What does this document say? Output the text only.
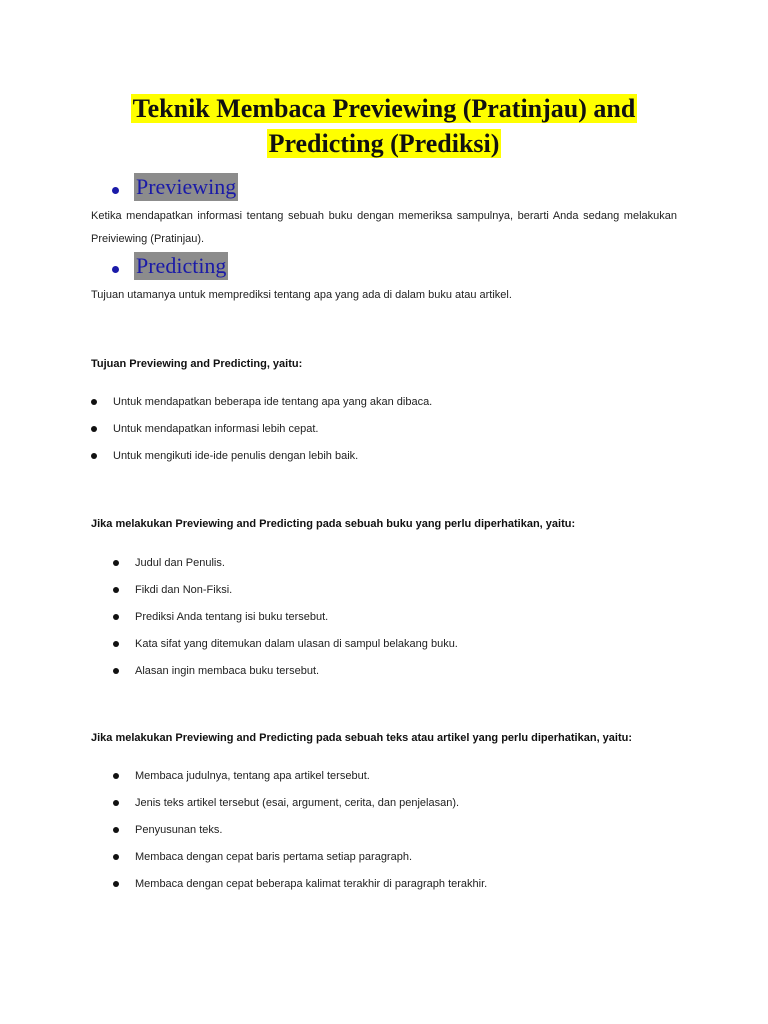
Teknik Membaca Previewing (Pratinjau) and
Predicting (Prediksi)
Previewing
Ketika mendapatkan informasi tentang sebuah buku dengan memeriksa sampulnya, berarti Anda sedang melakukan Preiviewing (Pratinjau).
Predicting
Tujuan utamanya untuk memprediksi tentang apa yang ada di dalam buku atau artikel.
Tujuan Previewing and Predicting, yaitu:
Untuk mendapatkan beberapa ide tentang apa yang akan dibaca.
Untuk mendapatkan informasi lebih cepat.
Untuk mengikuti ide-ide penulis dengan lebih baik.
Jika melakukan Previewing and Predicting pada sebuah buku yang perlu diperhatikan, yaitu:
Judul dan Penulis.
Fikdi dan Non-Fiksi.
Prediksi Anda tentang isi buku tersebut.
Kata sifat yang ditemukan dalam ulasan di sampul belakang buku.
Alasan ingin membaca buku tersebut.
Jika melakukan Previewing and Predicting pada sebuah teks atau artikel yang perlu diperhatikan, yaitu:
Membaca judulnya, tentang apa artikel tersebut.
Jenis teks artikel tersebut (esai, argument, cerita, dan penjelasan).
Penyusunan teks.
Membaca dengan cepat baris pertama setiap paragraph.
Membaca dengan cepat beberapa kalimat terakhir di paragraph terakhir.
